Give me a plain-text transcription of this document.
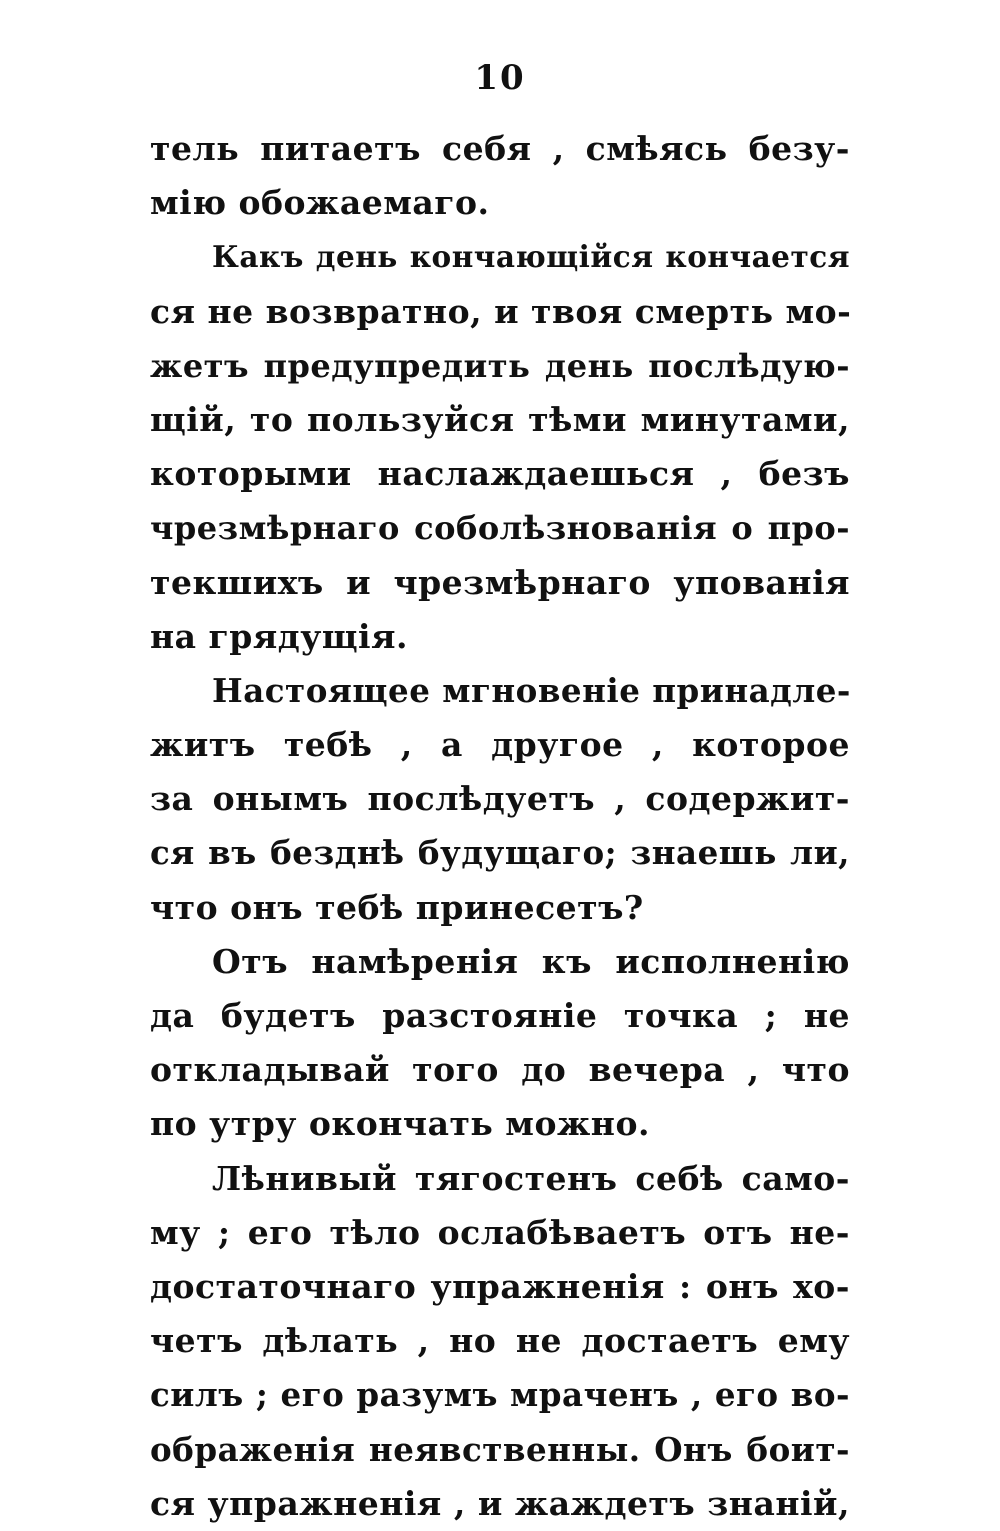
10
тель питаетъ себя , смѣясь безу-
мію обожаемаго.
Какъ день кончающійся кончается
ся не возвратно, и твоя смерть мо-
жетъ предупредить день послѣдую-
щій, то пользуйся тѣми минутами,
которыми наслаждаешься , безъ
чрезмѣрнаго соболѣзнованія о про-
текшихъ и чрезмѣрнаго упованія
на грядущія.
Настоящее мгновеніе принадле-
житъ тебѣ , а другое , которое
за онымъ послѣдуетъ , содержит-
ся въ безднѣ будущаго; знаешь ли,
что онъ тебѣ принесетъ?
Отъ намѣренія къ исполненію
да будетъ разстояніе точка ; не
откладывай того до вечера , что
по утру окончать можно.
Лѣнивый тягостенъ себѣ само-
му ; его тѣло ослабѣваетъ отъ не-
достаточнаго упражненія : онъ хо-
четъ дѣлать , но не достаетъ ему
силъ ; его разумъ мраченъ , его во-
ображенія неявственны. Онъ боит-
ся упражненія , и жаждетъ знаній,
